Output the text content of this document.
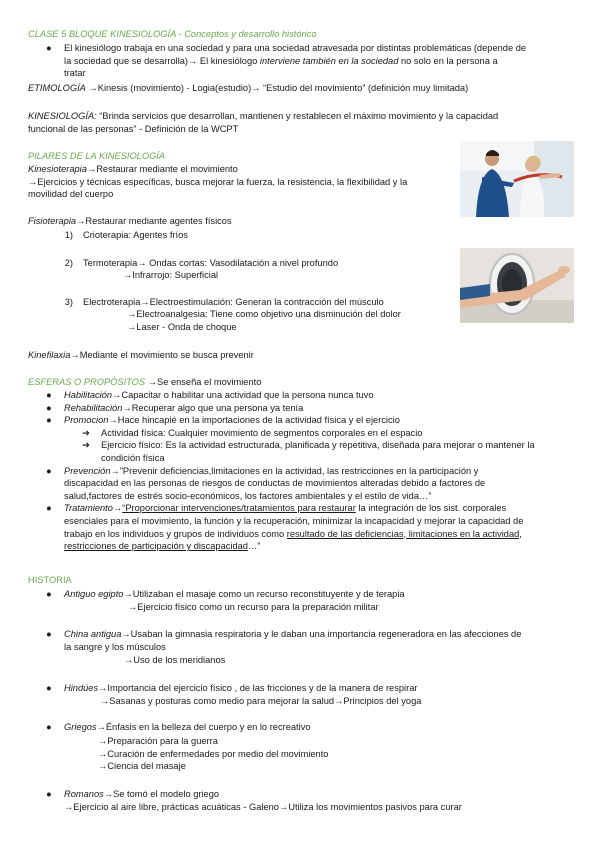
CLASE 5 BLOQUE KINESIOLOGÍA - Conceptos y desarrollo histórico
● El kinesiólogo trabaja en una sociedad y para una sociedad atravesada por distintas problemáticas (depende de
la sociedad que se desarrolla)→ El kinesiólogo interviene también en la sociedad no solo en la persona a
tratar
ETIMOLOGÍA →Kinesis (movimiento) - Logia(estudio)→ “Estudio del movimiento” (definición muy limitada)
KINESIOLOGÍA: “Brinda servicios que desarrollan, mantienen y restablecen el máximo movimiento y la capacidad
funcional de las personas” - Definición de la WCPT
PILARES DE LA KINESIOLOGÍA
Kinesioterapia→Restaurar mediante el movimiento
→Ejercicios y técnicas específicas, busca mejorar la fuerza, la resistencia, la flexibilidad y la
movilidad del cuerpo
Fisioterapia→Restaurar mediante agentes físicos
1) Crioterapia: Agentes fríos
2) Termoterapia→ Ondas cortas: Vasodilatación a nivel profundo
→Infrarrojo: Superficial
3) Electroterapia→Electroestimulación: Generan la contracción del músculo
→Electroanalgesia: Tiene como objetivo una disminución del dolor
→Laser - Onda de choque
Kinefilaxia→Mediante el movimiento se busca prevenir
ESFERAS O PROPÓSITOS →Se enseña el movimiento
● Habilitación→Capacitar o habilitar una actividad que la persona nunca tuvo
● Rehabilitación→Recuperar algo que una persona ya tenía
● Promocion→Hace hincapié en la importaciones de la actividad física y el ejercicio
➔ Actividad física: Cualquier movimiento de segmentos corporales en el espacio
➔ Ejercicio físico: Es la actividad estructurada, planificada y repetitiva, diseñada para mejorar o mantener la
condición física
● Prevención→”Prevenir deficiencias,limitaciones en la actividad, las restricciones en la participación y
discapacidad en las personas de riesgos de conductas de movimientos alteradas debido a factores de
salud,factores de estrés socio-económicos, los factores ambientales y el estilo de vida…”
● Tratamiento→“Proporcionar intervenciones/tratamientos para restaurar la integración de los sist. corporales
esenciales para el movimiento, la función y la recuperación, minimizar la incapacidad y mejorar la capacidad de
trabajo en los individuos y grupos de individuos como resultado de las deficiencias, limitaciones en la actividad,
restricciones de participación y discapacidad…”
HISTORIA
● Antiguo egipto→Utilizaban el masaje como un recurso reconstituyente y de terapia
→Ejercicio físico como un recurso para la preparación militar
● China antigua→Usaban la gimnasia respiratoria y le daban una importancia regeneradora en las afecciones de
la sangre y los músculos
→Uso de los meridianos
● Hindúes→Importancia del ejercicio físico , de las fricciones y de la manera de respirar
→Sasanas y posturas como medio para mejorar la salud→Principios del yoga
● Griegos→Énfasis en la belleza del cuerpo y en lo recreativo
→Preparación para la guerra
→Curación de enfermedades por medio del movimiento
→Ciencia del masaje
● Romanos→Se tomó el modelo griego
→Ejercicio al aire libre, prácticas acuáticas - Galeno→Utiliza los movimientos pasivos para curar
